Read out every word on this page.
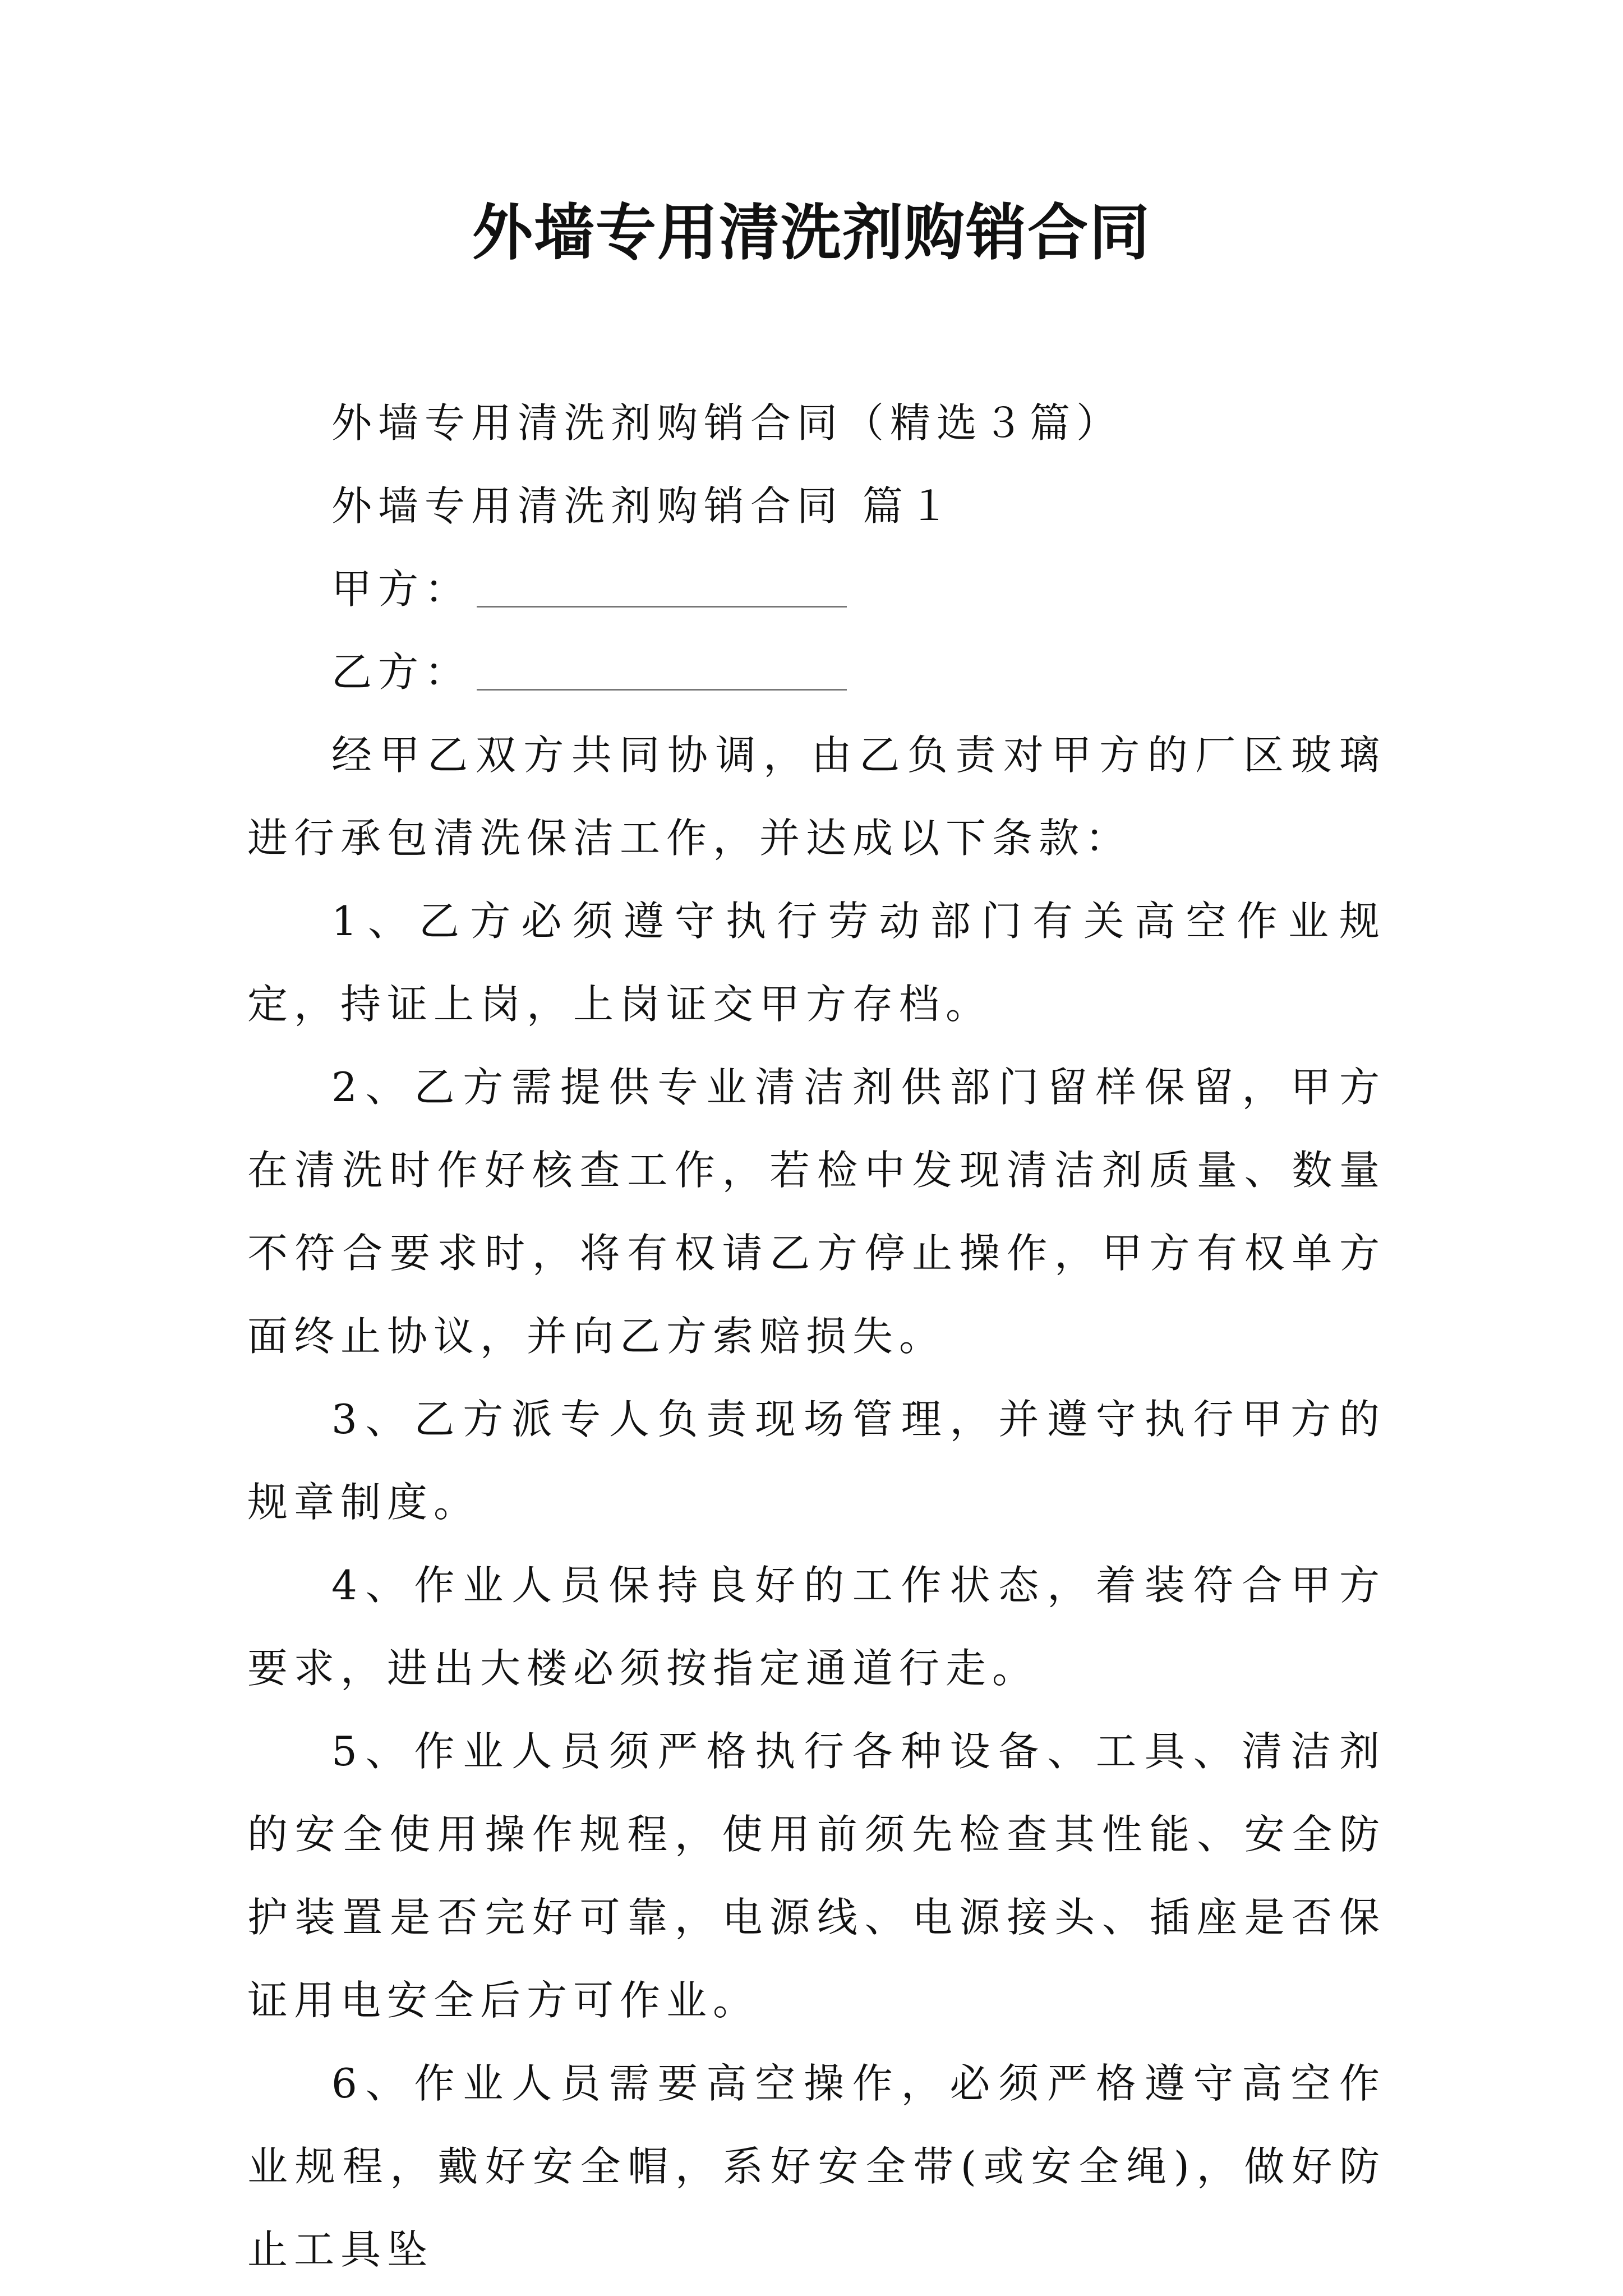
外墙专用清洗剂购销合同
外墙专用清洗剂购销合同（精选３篇）
外墙专用清洗剂购销合同 篇１
甲方：
乙方：

经甲乙双方共同协调，由乙负责对甲方的厂区玻璃进行承包清洗保洁工作，并达成以下条款：

1、乙方必须遵守执行劳动部门有关高空作业规定，持证上岗，上岗证交甲方存档。

2、乙方需提供专业清洁剂供部门留样保留，甲方在清洗时作好核查工作，若检中发现清洁剂质量、数量不符合要求时，将有权请乙方停止操作，甲方有权单方面终止协议，并向乙方索赔损失。

3、乙方派专人负责现场管理，并遵守执行甲方的规章制度。

4、作业人员保持良好的工作状态，着装符合甲方要求，进出大楼必须按指定通道行走。

5、作业人员须严格执行各种设备、工具、清洁剂的安全使用操作规程，使用前须先检查其性能、安全防护装置是否完好可靠，电源线、电源接头、插座是否保证用电安全后方可作业。

6、作业人员需要高空操作，必须严格遵守高空作业规程，戴好安全帽，系好安全带(或安全绳)，做好防止工具坠
